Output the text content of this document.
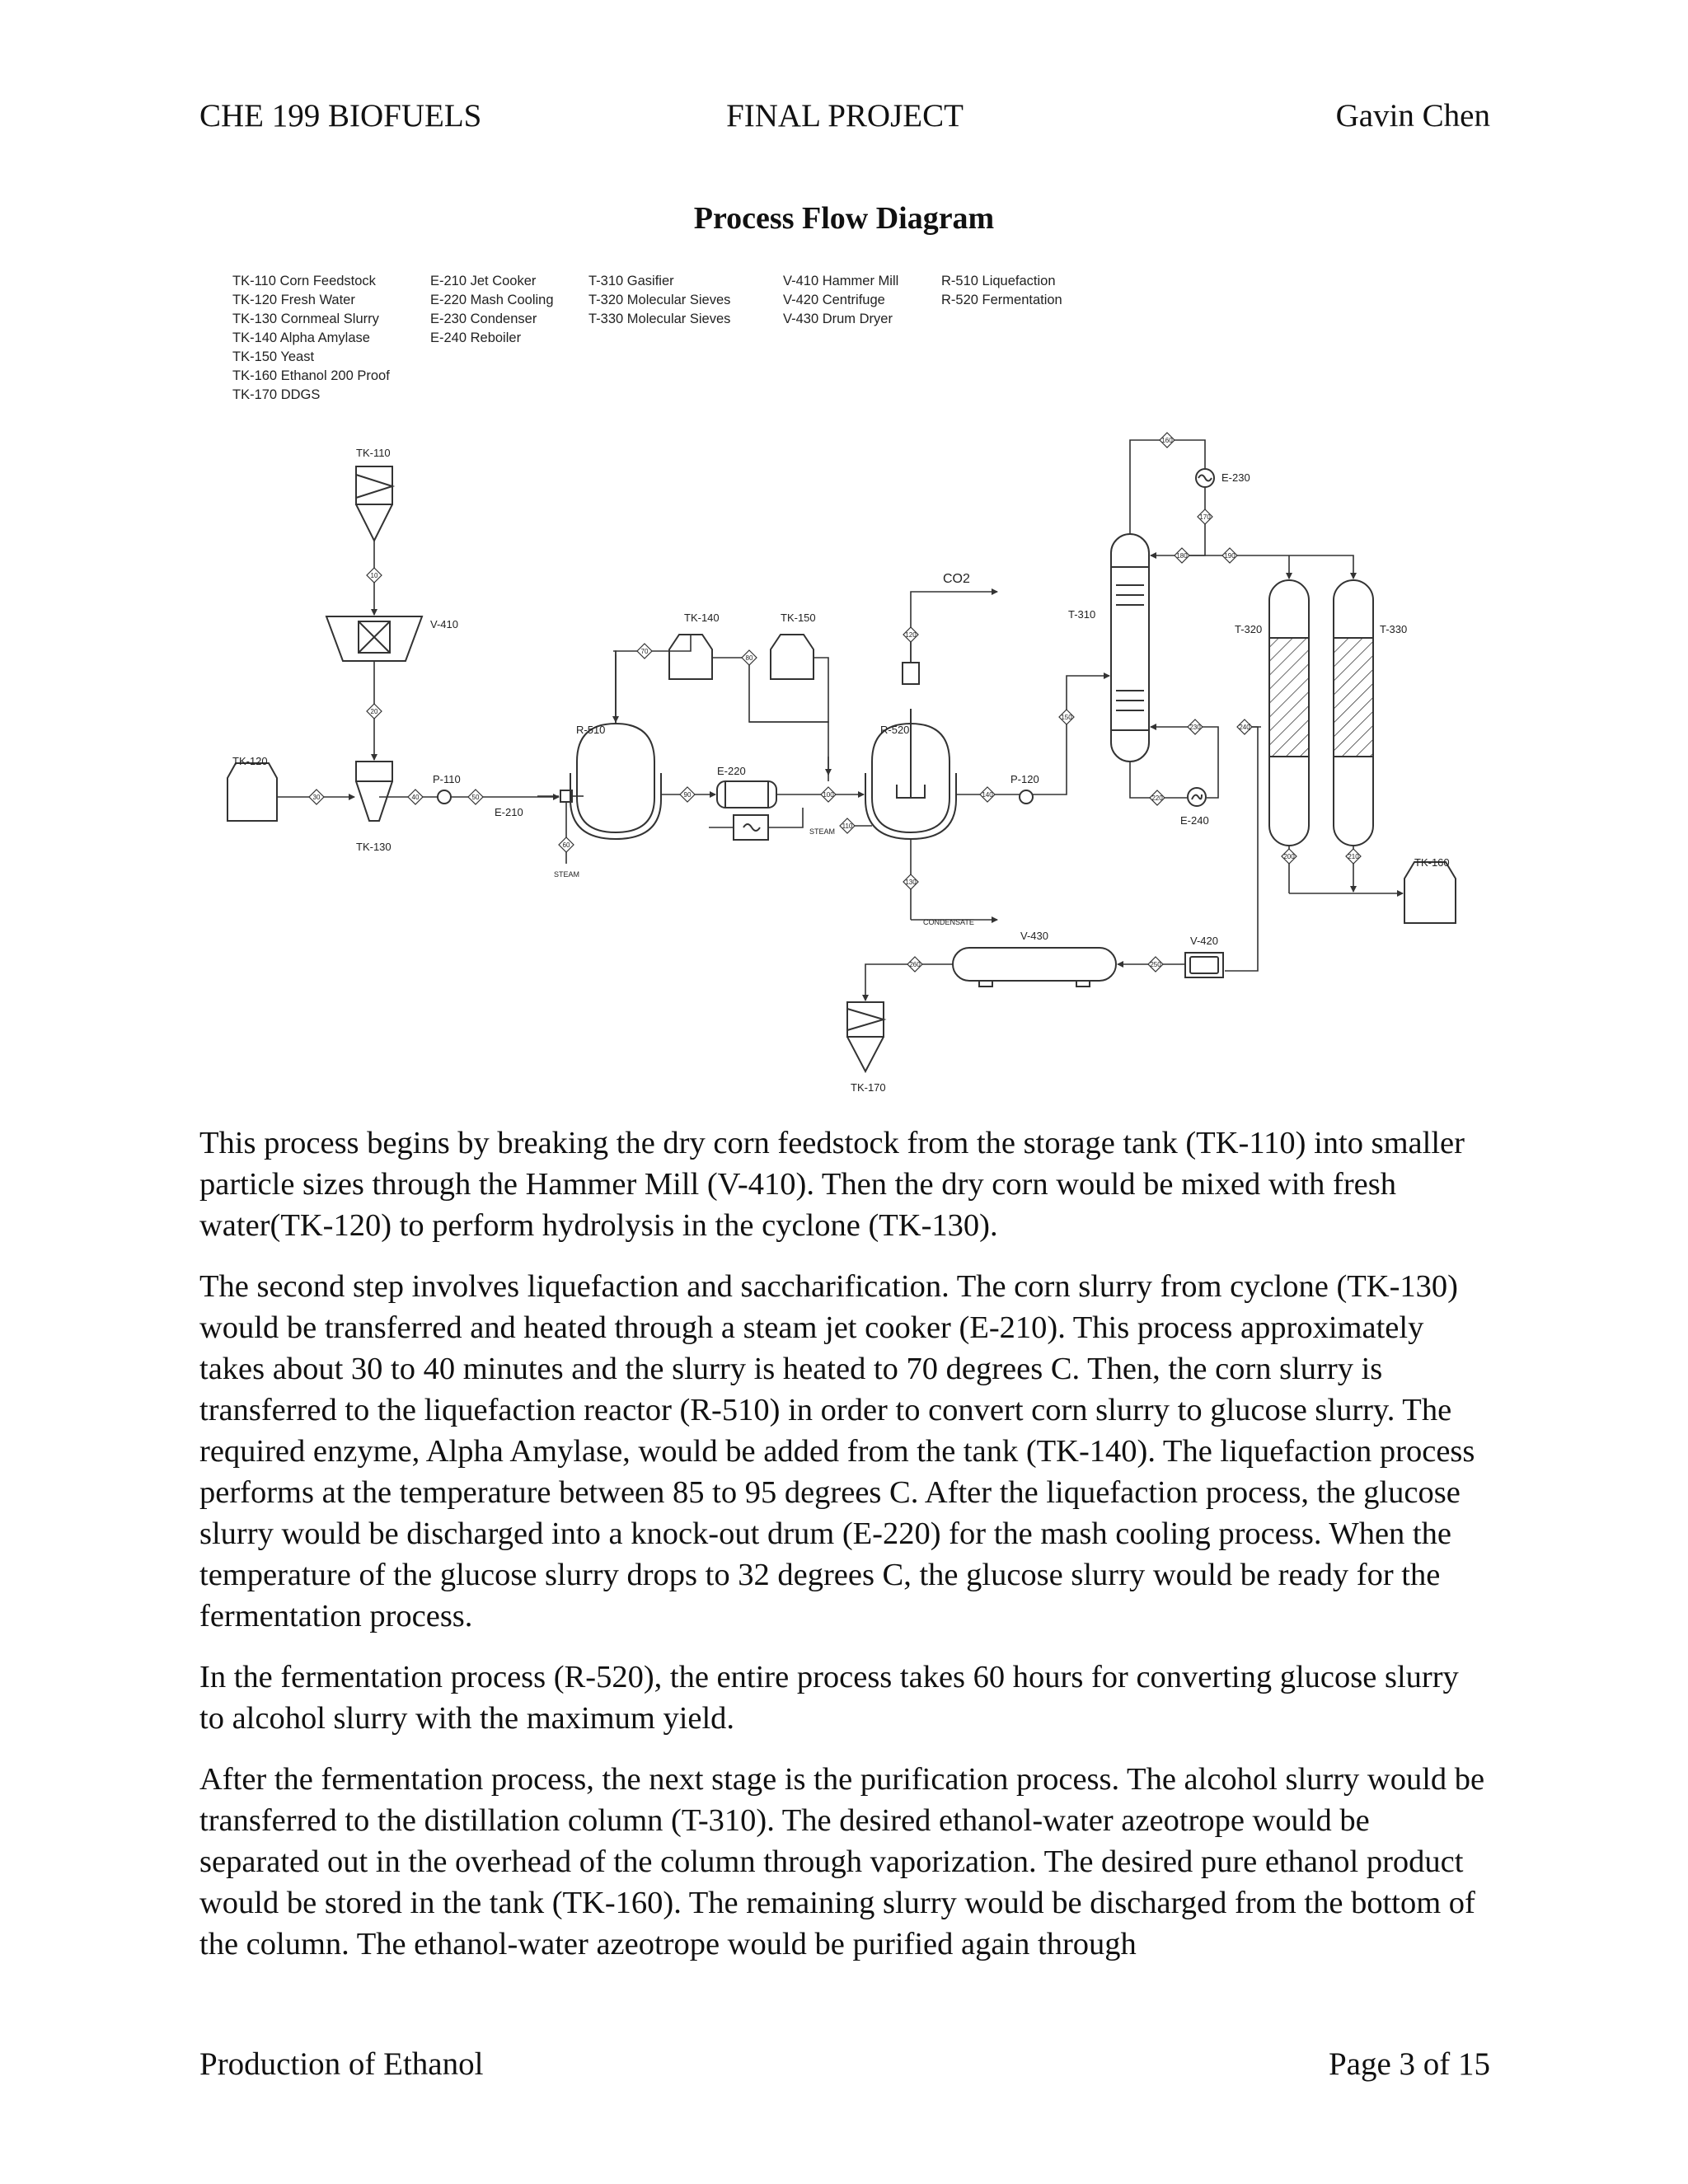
CHE 199 BIOFUELS	FINAL PROJECT	Gavin Chen
Process Flow Diagram
TK-110 Corn Feedstock
TK-120 Fresh Water
TK-130 Cornmeal Slurry
TK-140 Alpha Amylase
TK-150 Yeast
TK-160 Ethanol 200 Proof
TK-170 DDGS
E-210 Jet Cooker
E-220 Mash Cooling
E-230 Condenser
E-240 Reboiler
T-310 Gasifier
T-320 Molecular Sieves
T-330 Molecular Sieves
V-410 Hammer Mill
V-420 Centrifuge
V-430 Drum Dryer
R-510 Liquefaction
R-520 Fermentation
10
20
30	40	50
60
70
80
90	100
110
120
130
140
150
160
170
180	190
200	210
220
230	240
250
260
TK-110
V-410
TK-120
TK-130
P-110
E-210
R-510
TK-140	TK-150
E-220
R-520
CO2
P-120
T-310
E-230
E-240
T-320	T-330
TK-160
V-430	V-420
TK-170
STEAM
STEAM
CONDENSATE

This process begins by breaking the dry corn feedstock from the storage tank (TK-110) into smaller particle sizes through the Hammer Mill (V-410). Then the dry corn would be mixed with fresh water(TK-120) to perform hydrolysis in the cyclone (TK-130).

The second step involves liquefaction and saccharification. The corn slurry from cyclone (TK-130) would be transferred and heated through a steam jet cooker (E-210). This process approximately takes about 30 to 40 minutes and the slurry is heated to 70 degrees C. Then, the corn slurry is transferred to the liquefaction reactor (R-510) in order to convert corn slurry to glucose slurry. The required enzyme, Alpha Amylase, would be added from the tank (TK-140). The liquefaction process performs at the temperature between 85 to 95 degrees C. After the liquefaction process, the glucose slurry would be discharged into a knock-out drum (E-220) for the mash cooling process. When the temperature of the glucose slurry drops to 32 degrees C, the glucose slurry would be ready for the fermentation process.

In the fermentation process (R-520), the entire process takes 60 hours for converting glucose slurry to alcohol slurry with the maximum yield.

After the fermentation process, the next stage is the purification process. The alcohol slurry would be transferred to the distillation column (T-310). The desired ethanol-water azeotrope would be separated out in the overhead of the column through vaporization. The desired pure ethanol product would be stored in the tank (TK-160). The remaining slurry would be discharged from the bottom of the column. The ethanol-water azeotrope would be purified again through

Production of Ethanol	Page 3 of 15
